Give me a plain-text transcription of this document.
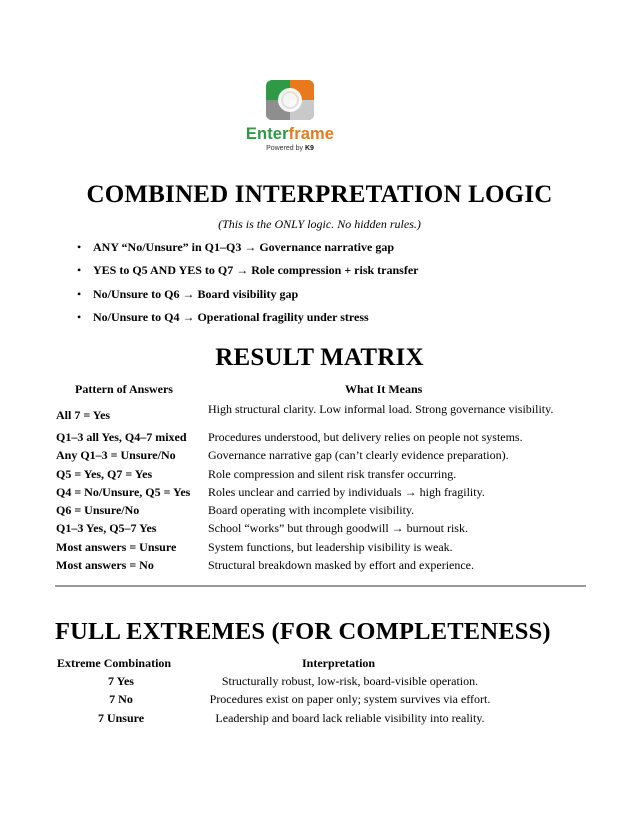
Enterframe
Powered by K9
COMBINED INTERPRETATION LOGIC
(This is the ONLY logic. No hidden rules.)
• ANY “No/Unsure” in Q1–Q3 → Governance narrative gap
• YES to Q5 AND YES to Q7 → Role compression + risk transfer
• No/Unsure to Q6 → Board visibility gap
• No/Unsure to Q4 → Operational fragility under stress
RESULT MATRIX
Pattern of Answers	What It Means
All 7 = Yes	High structural clarity. Low informal load. Strong governance visibility.
Q1–3 all Yes, Q4–7 mixed	Procedures understood, but delivery relies on people not systems.
Any Q1–3 = Unsure/No	Governance narrative gap (can’t clearly evidence preparation).
Q5 = Yes, Q7 = Yes	Role compression and silent risk transfer occurring.
Q4 = No/Unsure, Q5 = Yes	Roles unclear and carried by individuals → high fragility.
Q6 = Unsure/No	Board operating with incomplete visibility.
Q1–3 Yes, Q5–7 Yes	School “works” but through goodwill → burnout risk.
Most answers = Unsure	System functions, but leadership visibility is weak.
Most answers = No	Structural breakdown masked by effort and experience.
FULL EXTREMES (FOR COMPLETENESS)
Extreme Combination	Interpretation
7 Yes	Structurally robust, low-risk, board-visible operation.
7 No	Procedures exist on paper only; system survives via effort.
7 Unsure	Leadership and board lack reliable visibility into reality.
